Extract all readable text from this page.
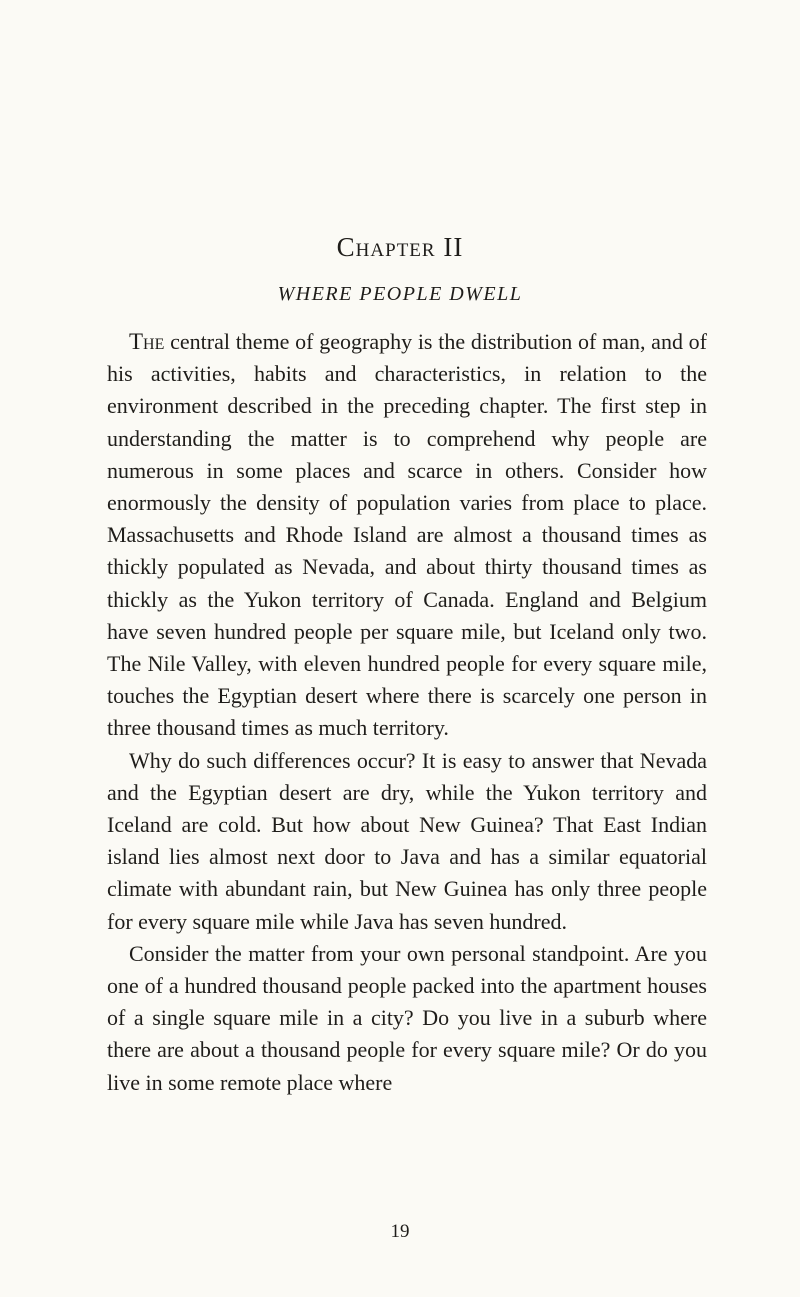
Chapter II
WHERE PEOPLE DWELL

The central theme of geography is the distribution of man, and of his activities, habits and characteristics, in relation to the environment described in the preceding chapter. The first step in understanding the matter is to comprehend why people are numerous in some places and scarce in others. Consider how enormously the density of population varies from place to place. Massachusetts and Rhode Island are almost a thousand times as thickly populated as Nevada, and about thirty thousand times as thickly as the Yukon territory of Canada. England and Belgium have seven hundred people per square mile, but Iceland only two. The Nile Valley, with eleven hundred people for every square mile, touches the Egyptian desert where there is scarcely one person in three thousand times as much territory.

Why do such differences occur? It is easy to answer that Nevada and the Egyptian desert are dry, while the Yukon territory and Iceland are cold. But how about New Guinea? That East Indian island lies almost next door to Java and has a similar equatorial climate with abundant rain, but New Guinea has only three people for every square mile while Java has seven hundred.

Consider the matter from your own personal standpoint. Are you one of a hundred thousand people packed into the apartment houses of a single square mile in a city? Do you live in a suburb where there are about a thousand people for every square mile? Or do you live in some remote place where

19
